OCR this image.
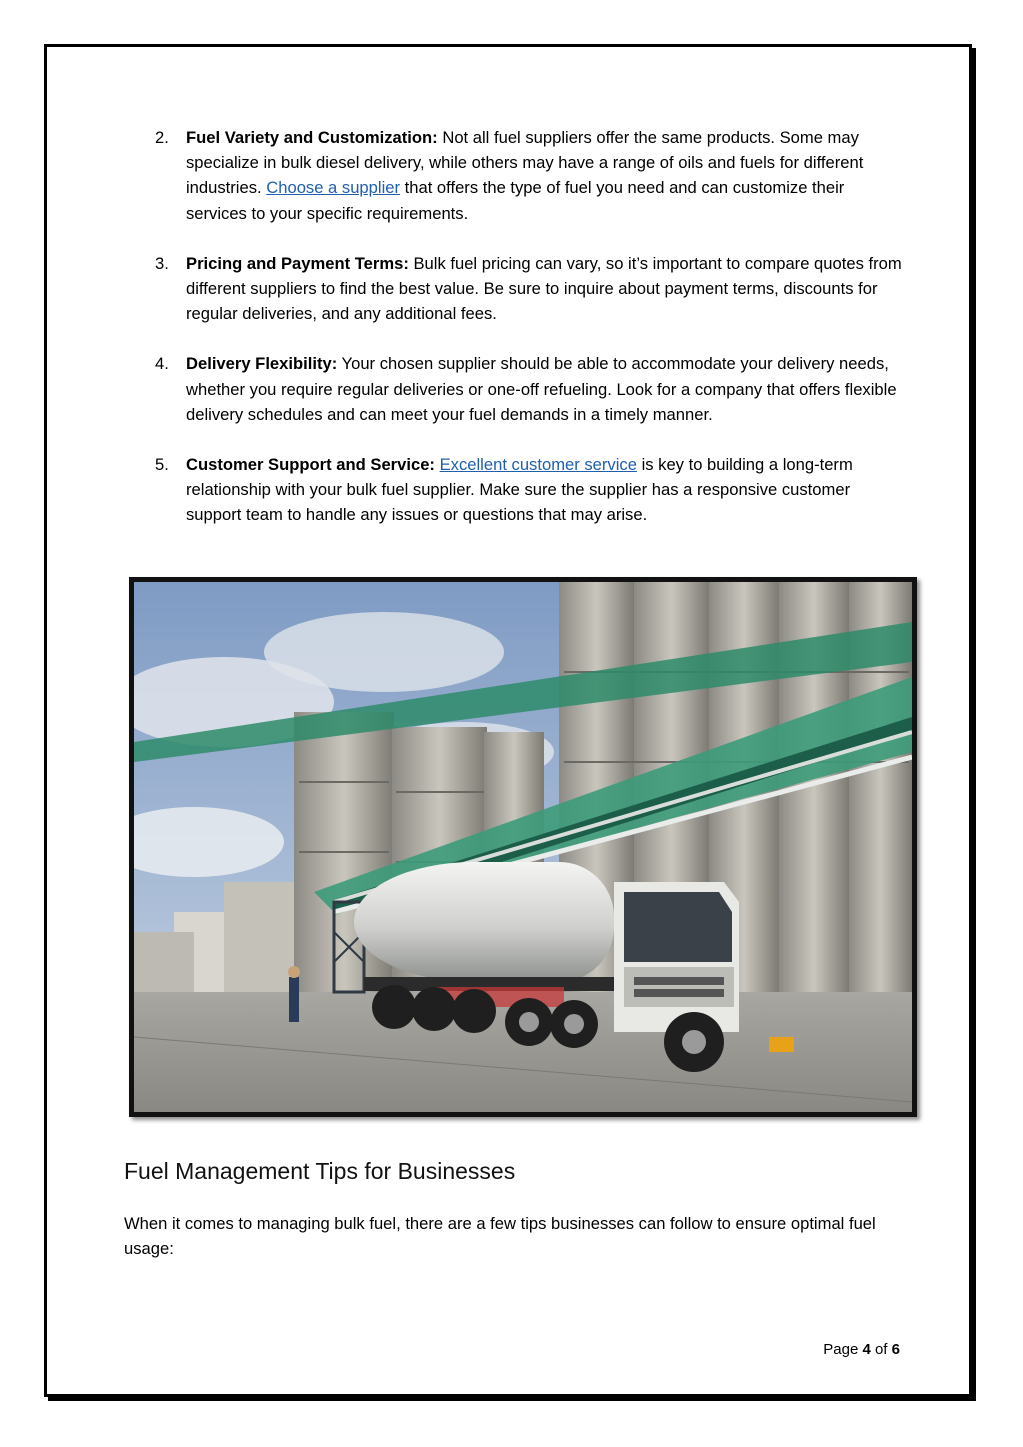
2. Fuel Variety and Customization: Not all fuel suppliers offer the same products. Some may specialize in bulk diesel delivery, while others may have a range of oils and fuels for different industries. Choose a supplier that offers the type of fuel you need and can customize their services to your specific requirements.
3. Pricing and Payment Terms: Bulk fuel pricing can vary, so it’s important to compare quotes from different suppliers to find the best value. Be sure to inquire about payment terms, discounts for regular deliveries, and any additional fees.
4. Delivery Flexibility: Your chosen supplier should be able to accommodate your delivery needs, whether you require regular deliveries or one-off refueling. Look for a company that offers flexible delivery schedules and can meet your fuel demands in a timely manner.
5. Customer Support and Service: Excellent customer service is key to building a long-term relationship with your bulk fuel supplier. Make sure the supplier has a responsive customer support team to handle any issues or questions that may arise.
Fuel Management Tips for Businesses

When it comes to managing bulk fuel, there are a few tips businesses can follow to ensure optimal fuel usage:

Page 4 of 6
